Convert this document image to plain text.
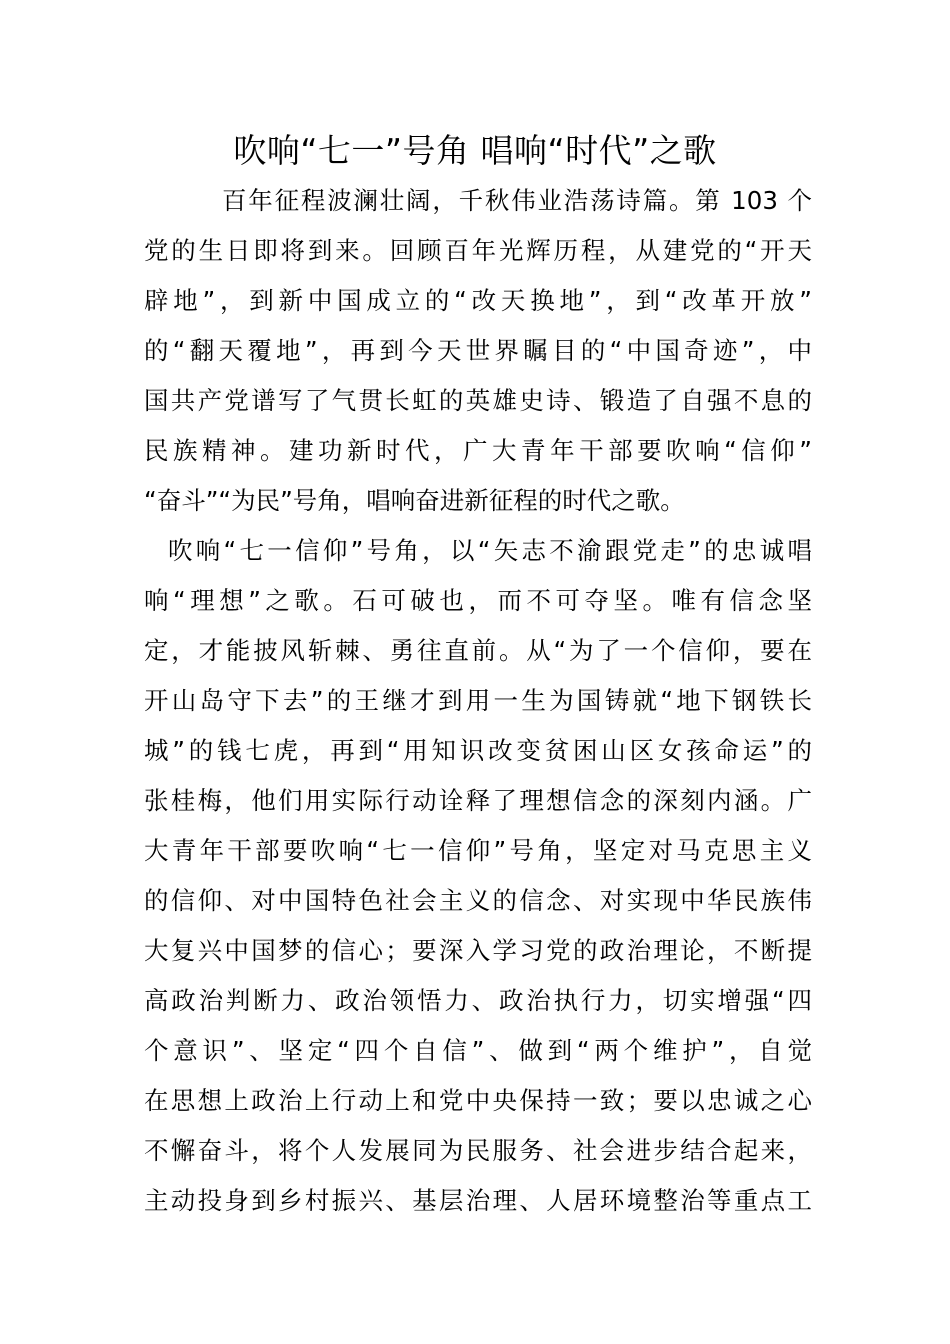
吹响“七一”号角 唱响“时代”之歌
百年征程波澜壮阔，千秋伟业浩荡诗篇。第 103 个
党的生日即将到来。回顾百年光辉历程，从建党的“开天
辟地”，到新中国成立的“改天换地”，到“改革开放”
的“翻天覆地”，再到今天世界瞩目的“中国奇迹”，中
国共产党谱写了气贯长虹的英雄史诗、锻造了自强不息的
民族精神。建功新时代，广大青年干部要吹响“信仰”
“奋斗”“为民”号角，唱响奋进新征程的时代之歌。
吹响“七一信仰”号角，以“矢志不渝跟党走”的忠诚唱
响“理想”之歌。石可破也，而不可夺坚。唯有信念坚
定，才能披风斩棘、勇往直前。从“为了一个信仰，要在
开山岛守下去”的王继才到用一生为国铸就“地下钢铁长
城”的钱七虎，再到“用知识改变贫困山区女孩命运”的
张桂梅，他们用实际行动诠释了理想信念的深刻内涵。广
大青年干部要吹响“七一信仰”号角，坚定对马克思主义
的信仰、对中国特色社会主义的信念、对实现中华民族伟
大复兴中国梦的信心；要深入学习党的政治理论，不断提
高政治判断力、政治领悟力、政治执行力，切实增强“四
个意识”、坚定“四个自信”、做到“两个维护”，自觉
在思想上政治上行动上和党中央保持一致；要以忠诚之心
不懈奋斗，将个人发展同为民服务、社会进步结合起来，
主动投身到乡村振兴、基层治理、人居环境整治等重点工
